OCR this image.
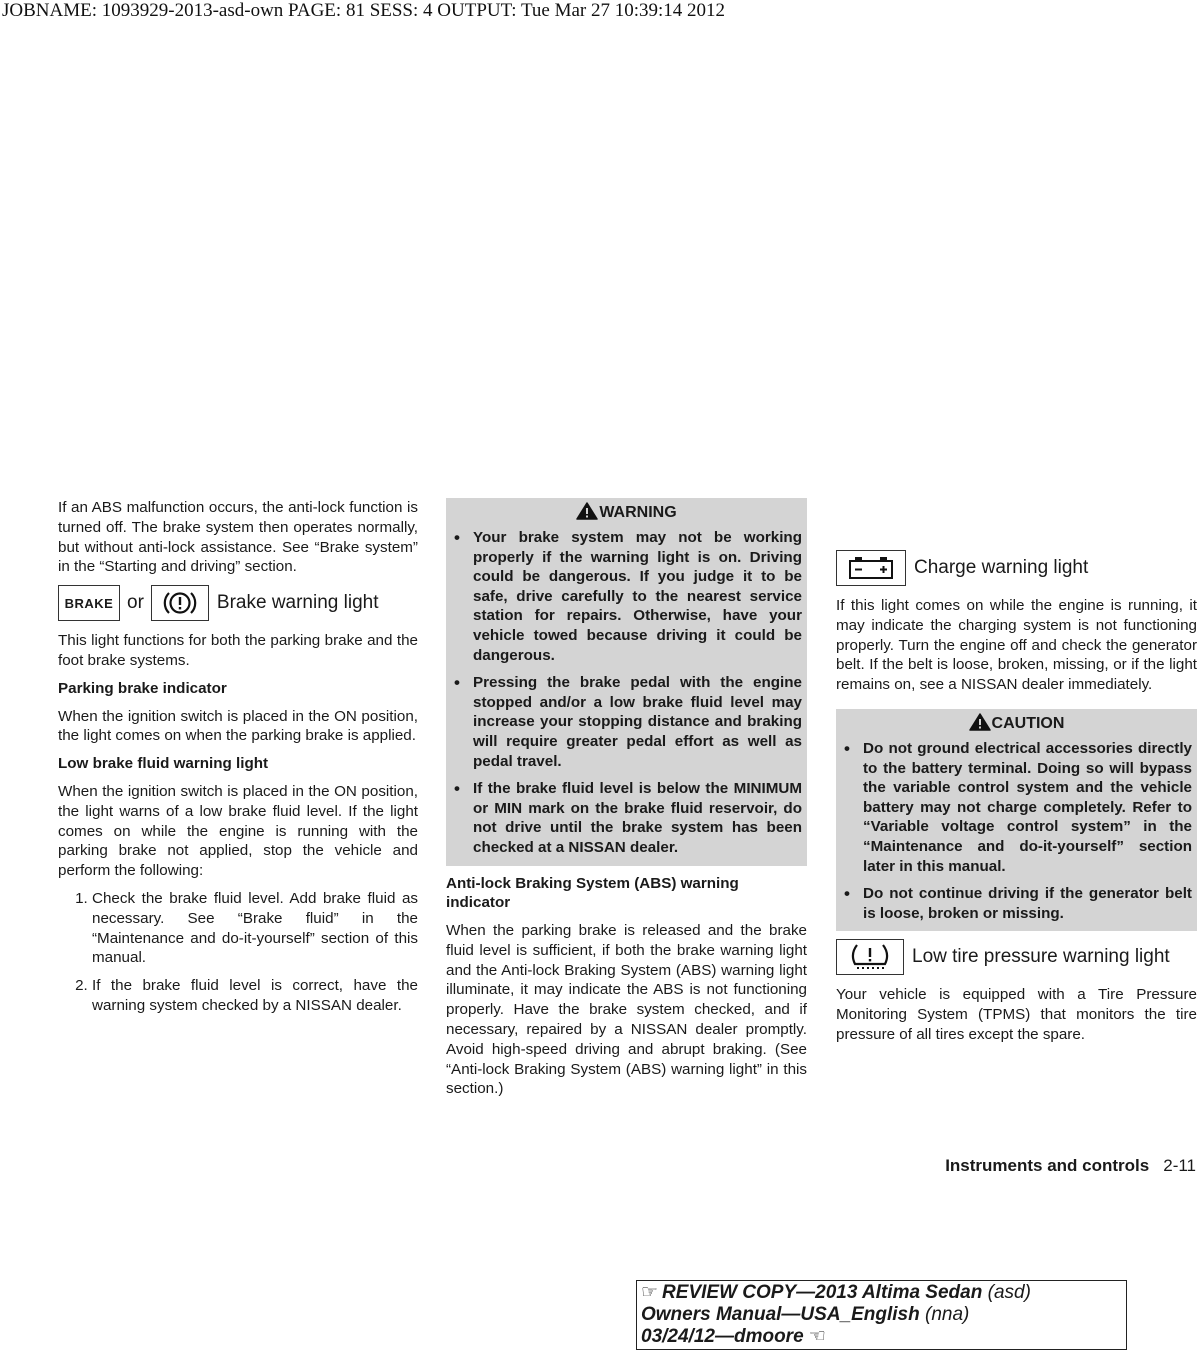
JOBNAME: 1093929-2013-asd-own PAGE: 81 SESS: 4 OUTPUT: Tue Mar 27 10:39:14 2012

If an ABS malfunction occurs, the anti-lock function is turned off. The brake system then operates normally, but without anti-lock assistance. See “Brake system” in the “Starting and driving” section.

BRAKE or	Brake warning light

This light functions for both the parking brake and the foot brake systems.

Parking brake indicator

When the ignition switch is placed in the ON position, the light comes on when the parking brake is applied.

Low brake fluid warning light

When the ignition switch is placed in the ON position, the light warns of a low brake fluid level. If the light comes on while the engine is running with the parking brake not applied, stop the vehicle and perform the following:

1. Check the brake fluid level. Add brake fluid as necessary. See “Brake fluid” in the “Maintenance and do-it-yourself” section of this manual.
2. If the brake fluid level is correct, have the warning system checked by a NISSAN dealer.
WARNING
• Your brake system may not be working properly if the warning light is on. Driving could be dangerous. If you judge it to be safe, drive carefully to the nearest service station for repairs. Otherwise, have your vehicle towed because driving it could be dangerous.
• Pressing the brake pedal with the engine stopped and/or a low brake fluid level may increase your stopping distance and braking will require greater pedal effort as well as pedal travel.
• If the brake fluid level is below the MINIMUM or MIN mark on the brake fluid reservoir, do not drive until the brake system has been checked at a NISSAN dealer.
Anti-lock Braking System (ABS) warning indicator

When the parking brake is released and the brake fluid level is sufficient, if both the brake warning light and the Anti-lock Braking System (ABS) warning light illuminate, it may indicate the ABS is not functioning properly. Have the brake system checked, and if necessary, repaired by a NISSAN dealer promptly. Avoid high-speed driving and abrupt braking. (See “Anti-lock Braking System (ABS) warning light” in this section.)

Charge warning light

If this light comes on while the engine is running, it may indicate the charging system is not functioning properly. Turn the engine off and check the generator belt. If the belt is loose, broken, missing, or if the light remains on, see a NISSAN dealer immediately.

CAUTION
• Do not ground electrical accessories directly to the battery terminal. Doing so will bypass the variable control system and the vehicle battery may not charge completely. Refer to “Variable voltage control system” in the “Maintenance and do-it-yourself” section later in this manual.
• Do not continue driving if the generator belt is loose, broken or missing.
Low tire pressure warning light

Your vehicle is equipped with a Tire Pressure Monitoring System (TPMS) that monitors the tire pressure of all tires except the spare.

Instruments and controls 2-11
☞ REVIEW COPY—2013 Altima Sedan (asd)
Owners Manual—USA_English (nna)
03/24/12—dmoore ☜
